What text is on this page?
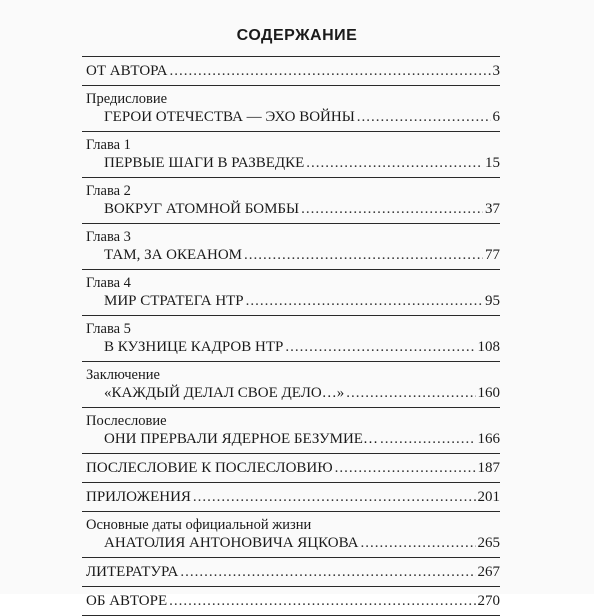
СОДЕРЖАНИЕ
ОТ АВТОРА .....	3
Предисловие
ГЕРОИ ОТЕЧЕСТВА — ЭХО ВОЙНЫ .....	6
Глава 1
ПЕРВЫЕ ШАГИ В РАЗВЕДКЕ .....	15
Глава 2
ВОКРУГ АТОМНОЙ БОМБЫ .....	37
Глава 3
ТАМ, ЗА ОКЕАНОМ .....	77
Глава 4
МИР СТРАТЕГА НТР .....	95
Глава 5
В КУЗНИЦЕ КАДРОВ НТР .....	108
Заключение
«КАЖДЫЙ ДЕЛАЛ СВОЕ ДЕЛО…» .....	160
Послесловие
ОНИ ПРЕРВАЛИ ЯДЕРНОЕ БЕЗУМИЕ… .....	166
ПОСЛЕСЛОВИЕ К ПОСЛЕСЛОВИЮ .....	187
ПРИЛОЖЕНИЯ .....	201
Основные даты официальной жизни
АНАТОЛИЯ АНТОНОВИЧА ЯЦКОВА .....	265
ЛИТЕРАТУРА .....	267
ОБ АВТОРЕ .....	270
